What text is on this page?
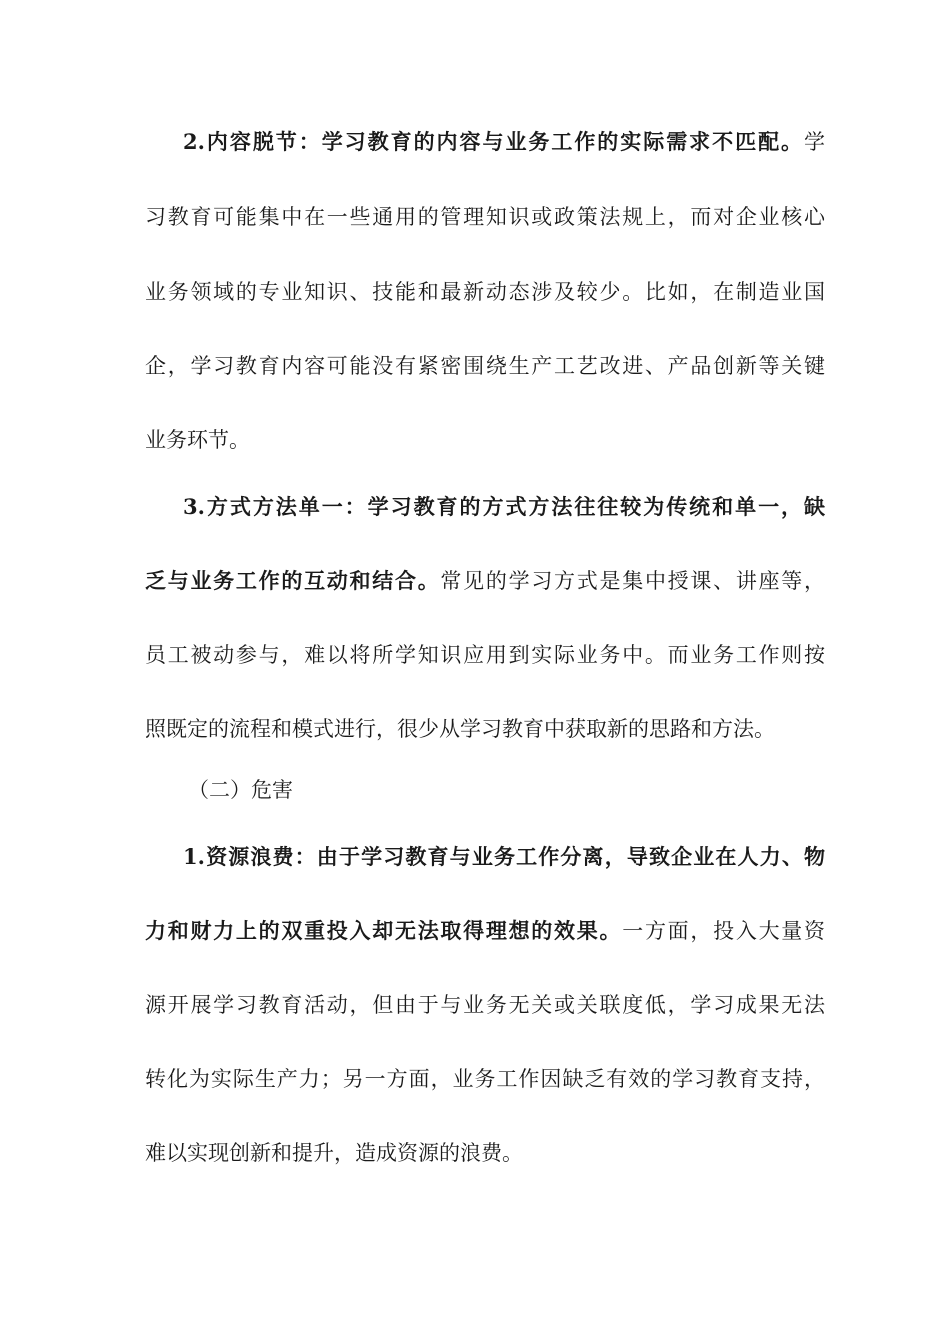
2.内容脱节：学习教育的内容与业务工作的实际需求不匹配。学
习教育可能集中在一些通用的管理知识或政策法规上，而对企业核心
业务领域的专业知识、技能和最新动态涉及较少。比如，在制造业国
企，学习教育内容可能没有紧密围绕生产工艺改进、产品创新等关键
业务环节。
3.方式方法单一：学习教育的方式方法往往较为传统和单一，缺
乏与业务工作的互动和结合。常见的学习方式是集中授课、讲座等，
员工被动参与，难以将所学知识应用到实际业务中。而业务工作则按
照既定的流程和模式进行，很少从学习教育中获取新的思路和方法。
（二）危害
1.资源浪费：由于学习教育与业务工作分离，导致企业在人力、物
力和财力上的双重投入却无法取得理想的效果。一方面，投入大量资
源开展学习教育活动，但由于与业务无关或关联度低，学习成果无法
转化为实际生产力；另一方面，业务工作因缺乏有效的学习教育支持，
难以实现创新和提升，造成资源的浪费。
